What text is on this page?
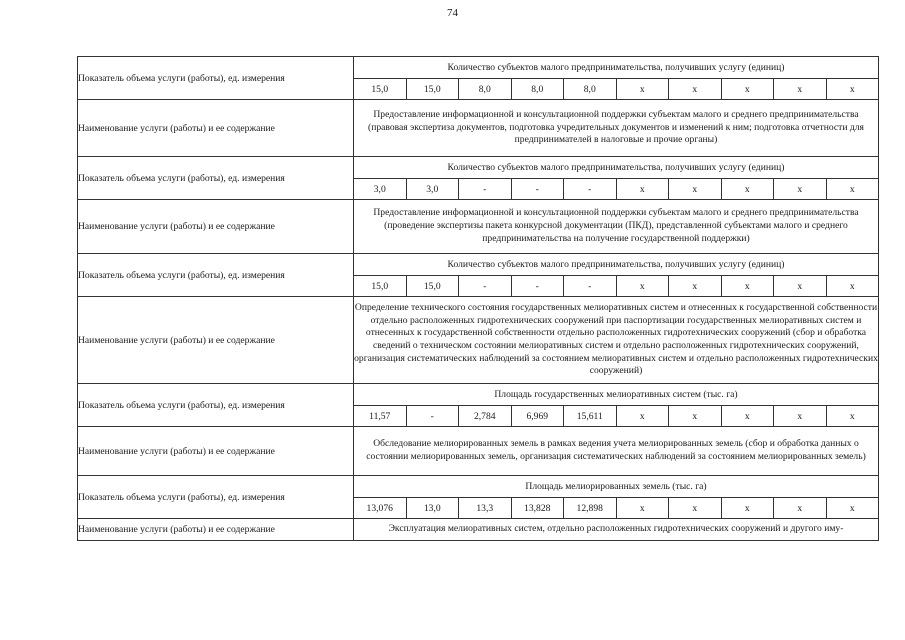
74
Показатель объема услуги (работы), ед. измерения	Количество субъектов малого предпринимательства, получивших услугу (единиц)									
	15,0	15,0	8,0	8,0	8,0	х	х	х	х	х
Наименование услуги (работы) и ее содержание	Предоставление информационной и консультационной поддержки субъектам малого и среднего предпринимательства (правовая экспертиза документов, подготовка учредительных документов и изменений к ним; подготовка отчетности для предпринимателей в налоговые и прочие органы)									
Показатель объема услуги (работы), ед. измерения	Количество субъектов малого предпринимательства, получивших услугу (единиц)									
	3,0	3,0	-	-	-	х	х	х	х	х
Наименование услуги (работы) и ее содержание	Предоставление информационной и консультационной поддержки субъектам малого и среднего предпринимательства (проведение экспертизы пакета конкурсной документации (ПКД), представленной субъектами малого и среднего предпринимательства на получение государственной поддержки)									
Показатель объема услуги (работы), ед. измерения	Количество субъектов малого предпринимательства, получивших услугу (единиц)									
	15,0	15,0	-	-	-	х	х	х	х	х
Наименование услуги (работы) и ее содержание	Определение технического состояния государственных мелиоративных систем и отнесенных к государственной собственности отдельно расположенных гидротехнических сооружений при паспортизации государственных мелиоративных систем и отнесенных к государственной собственности отдельно расположенных гидротехнических сооружений (сбор и обработка сведений о техническом состоянии мелиоративных систем и отдельно расположенных гидротехнических сооружений, организация систематических наблюдений за состоянием мелиоративных систем и отдельно расположенных гидротехнических сооружений)									
Показатель объема услуги (работы), ед. измерения	Площадь государственных мелиоративных систем (тыс. га)									
	11,57	-	2,784	6,969	15,611	х	х	х	х	х
Наименование услуги (работы) и ее содержание	Обследование мелиорированных земель в рамках ведения учета мелиорированных земель (сбор и обработка данных о состоянии мелиорированных земель, организация систематических наблюдений за состоянием мелиорированных земель)									
Показатель объема услуги (работы), ед. измерения	Площадь мелиорированных земель (тыс. га)									
	13,076	13,0	13,3	13,828	12,898	х	х	х	х	х
Наименование услуги (работы) и ее содержание	Эксплуатация мелиоративных систем, отдельно расположенных гидротехнических сооружений и другого иму-									
